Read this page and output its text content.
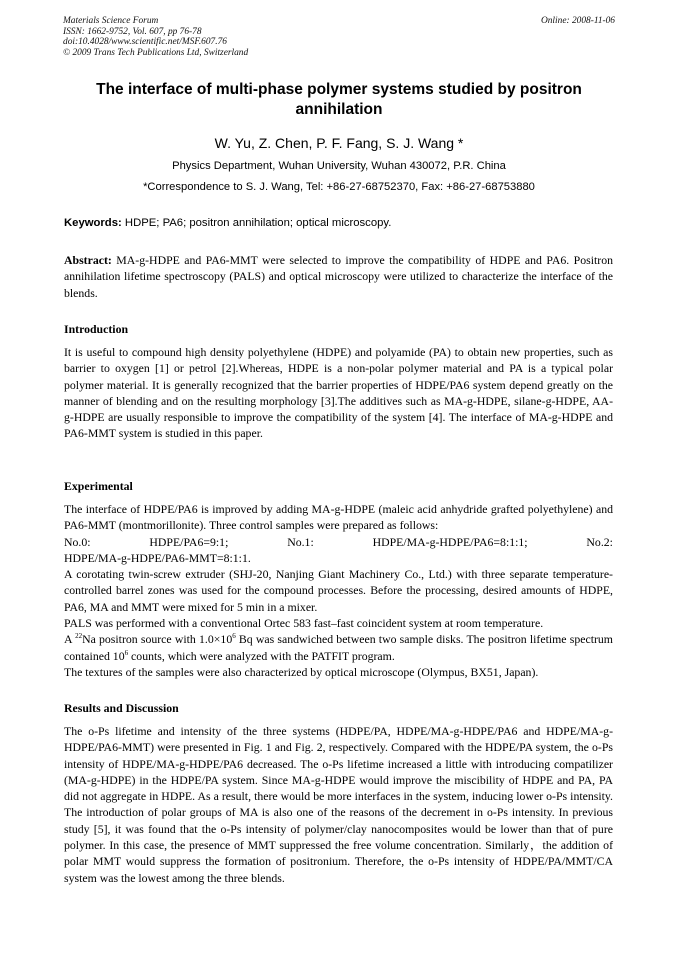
Materials Science Forum
ISSN: 1662-9752, Vol. 607, pp 76-78
doi:10.4028/www.scientific.net/MSF.607.76
© 2009 Trans Tech Publications Ltd, Switzerland
Online: 2008-11-06
The interface of multi-phase polymer systems studied by positron annihilation
W. Yu, Z. Chen, P. F. Fang, S. J. Wang *
Physics Department, Wuhan University, Wuhan 430072, P.R. China
*Correspondence to S. J. Wang, Tel: +86-27-68752370, Fax: +86-27-68753880
Keywords: HDPE; PA6; positron annihilation; optical microscopy.

Abstract: MA-g-HDPE and PA6-MMT were selected to improve the compatibility of HDPE and PA6. Positron annihilation lifetime spectroscopy (PALS) and optical microscopy were utilized to characterize the interface of the blends.

Introduction

It is useful to compound high density polyethylene (HDPE) and polyamide (PA) to obtain new properties, such as barrier to oxygen [1] or petrol [2].Whereas, HDPE is a non-polar polymer material and PA is a typical polar polymer material. It is generally recognized that the barrier properties of HDPE/PA6 system depend greatly on the manner of blending and on the resulting morphology [3].The additives such as MA-g-HDPE, silane-g-HDPE, AA-g-HDPE are usually responsible to improve the compatibility of the system [4]. The interface of MA-g-HDPE and PA6-MMT system is studied in this paper.

Experimental

The interface of HDPE/PA6 is improved by adding MA-g-HDPE (maleic acid anhydride grafted polyethylene) and PA6-MMT (montmorillonite). Three control samples were prepared as follows:

No.0:	HDPE/PA6=9:1;	No.1:	HDPE/MA-g-HDPE/PA6=8:1:1;	No.2:

HDPE/MA-g-HDPE/PA6-MMT=8:1:1.

A corotating twin-screw extruder (SHJ-20, Nanjing Giant Machinery Co., Ltd.) with three separate temperature-controlled barrel zones was used for the compound processes. Before the processing, desired amounts of HDPE, PA6, MA and MMT were mixed for 5 min in a mixer.

PALS was performed with a conventional Ortec 583 fast–fast coincident system at room temperature.

A $^{22}$Na positron source with $1.0\times 10^6$ Bq was sandwiched between two sample disks. The positron lifetime spectrum contained $10^6$ counts, which were analyzed with the PATFIT program.

The textures of the samples were also characterized by optical microscope (Olympus, BX51, Japan).

Results and Discussion

The o-Ps lifetime and intensity of the three systems (HDPE/PA, HDPE/MA-g-HDPE/PA6 and HDPE/MA-g-HDPE/PA6-MMT) were presented in Fig. 1 and Fig. 2, respectively. Compared with the HDPE/PA system, the o-Ps intensity of HDPE/MA-g-HDPE/PA6 decreased. The o-Ps lifetime increased a little with introducing compatilizer (MA-g-HDPE) in the HDPE/PA system. Since MA-g-HDPE would improve the miscibility of HDPE and PA, PA did not aggregate in HDPE. As a result, there would be more interfaces in the system, inducing lower o-Ps intensity. The introduction of polar groups of MA is also one of the reasons of the decrement in o-Ps intensity. In previous study [5], it was found that the o-Ps intensity of polymer/clay nanocomposites would be lower than that of pure polymer. In this case, the presence of MMT suppressed the free volume concentration. Similarly，the addition of polar MMT would suppress the formation of positronium. Therefore, the o-Ps intensity of HDPE/PA/MMT/CA system was the lowest among the three blends.
